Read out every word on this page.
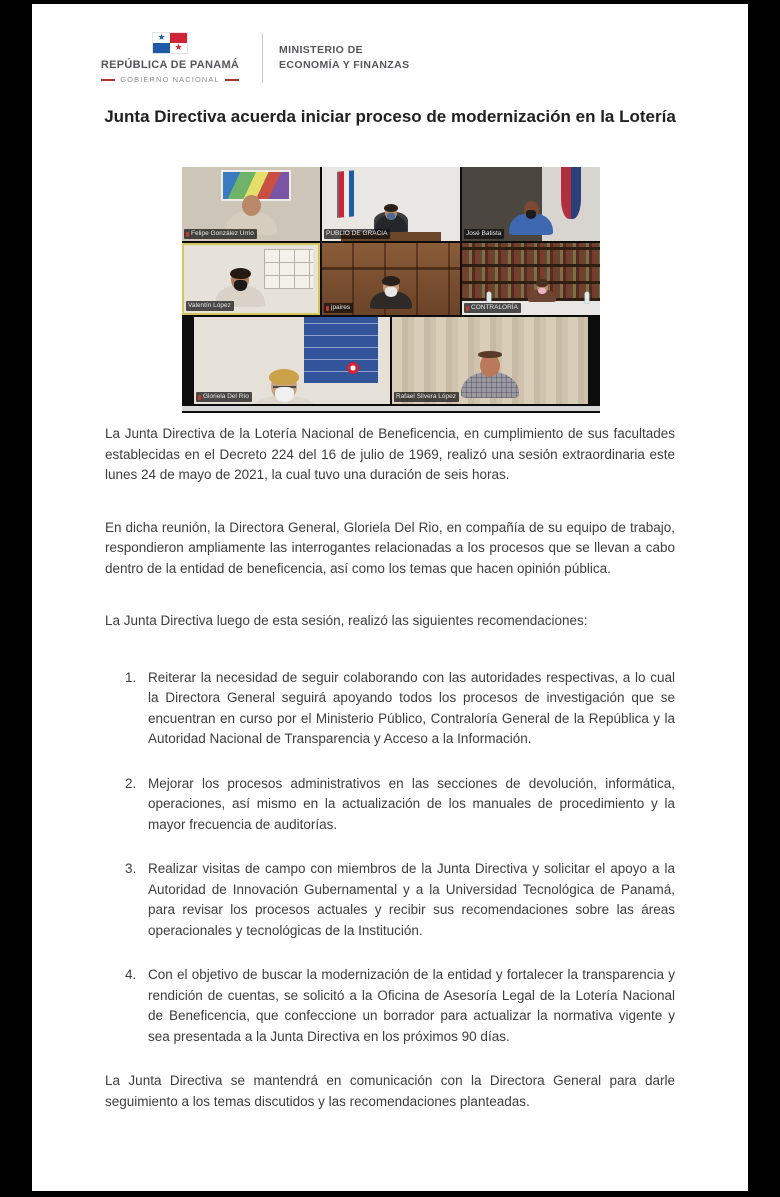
★
★
REPÚBLICA DE PANAMÁ
GOBIERNO NACIONAL
MINISTERIO DE
ECONOMÍA Y FINANZAS
Junta Directiva acuerda iniciar proceso de modernización en la Lotería
Felipe González Urrio	PUBLIO DE GRACIA	José Batista
Valentín López	jpaires	CONTRALORÍA
Gloriela Del Río	Rafael Silvera López

La Junta Directiva de la Lotería Nacional de Beneficencia, en cumplimiento de sus facultades establecidas en el Decreto 224 del 16 de julio de 1969, realizó una sesión extraordinaria este lunes 24 de mayo de 2021, la cual tuvo una duración de seis horas.

En dicha reunión, la Directora General, Gloriela Del Rio, en compañía de su equipo de trabajo, respondieron ampliamente las interrogantes relacionadas a los procesos que se llevan a cabo dentro de la entidad de beneficencia, así como los temas que hacen opinión pública.

La Junta Directiva luego de esta sesión, realizó las siguientes recomendaciones:

1. Reiterar la necesidad de seguir colaborando con las autoridades respectivas, a lo cual la Directora General seguirá apoyando todos los procesos de investigación que se encuentran en curso por el Ministerio Público, Contraloría General de la República y la Autoridad Nacional de Transparencia y Acceso a la Información.
2. Mejorar los procesos administrativos en las secciones de devolución, informática, operaciones, así mismo en la actualización de los manuales de procedimiento y la mayor frecuencia de auditorías.
3. Realizar visitas de campo con miembros de la Junta Directiva y solicitar el apoyo a la Autoridad de Innovación Gubernamental y a la Universidad Tecnológica de Panamá, para revisar los procesos actuales y recibir sus recomendaciones sobre las áreas operacionales y tecnológicas de la Institución.
4. Con el objetivo de buscar la modernización de la entidad y fortalecer la transparencia y rendición de cuentas, se solicitó a la Oficina de Asesoría Legal de la Lotería Nacional de Beneficencia, que confeccione un borrador para actualizar la normativa vigente y sea presentada a la Junta Directiva en los próximos 90 días.

La Junta Directiva se mantendrá en comunicación con la Directora General para darle seguimiento a los temas discutidos y las recomendaciones planteadas.
